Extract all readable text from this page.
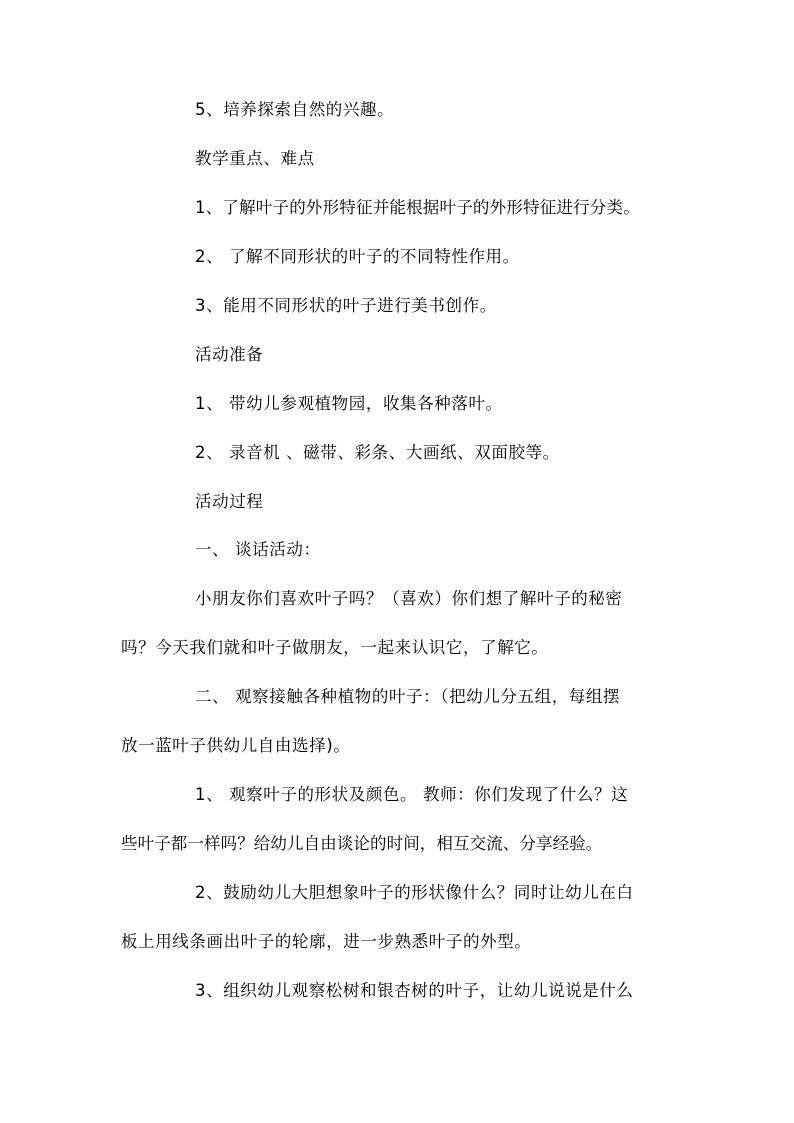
5、培养探索自然的兴趣。
教学重点、难点
1、了解叶子的外形特征并能根据叶子的外形特征进行分类。
2、 了解不同形状的叶子的不同特性作用。
3、能用不同形状的叶子进行美书创作。
活动准备
1、 带幼儿参观植物园，收集各种落叶。
2、 录音机 、磁带、彩条、大画纸、双面胶等。
活动过程
一、 谈话活动：
小朋友你们喜欢叶子吗？（喜欢）你们想了解叶子的秘密
吗？今天我们就和叶子做朋友，一起来认识它，了解它。
二、 观察接触各种植物的叶子：（把幼儿分五组，每组摆
放一蓝叶子供幼儿自由选择)。
1、 观察叶子的形状及颜色。 教师：你们发现了什么？这
些叶子都一样吗？给幼儿自由谈论的时间，相互交流、分享经验。
2、鼓励幼儿大胆想象叶子的形状像什么？同时让幼儿在白
板上用线条画出叶子的轮廓，进一步熟悉叶子的外型。
3、组织幼儿观察松树和银杏树的叶子，让幼儿说说是什么
